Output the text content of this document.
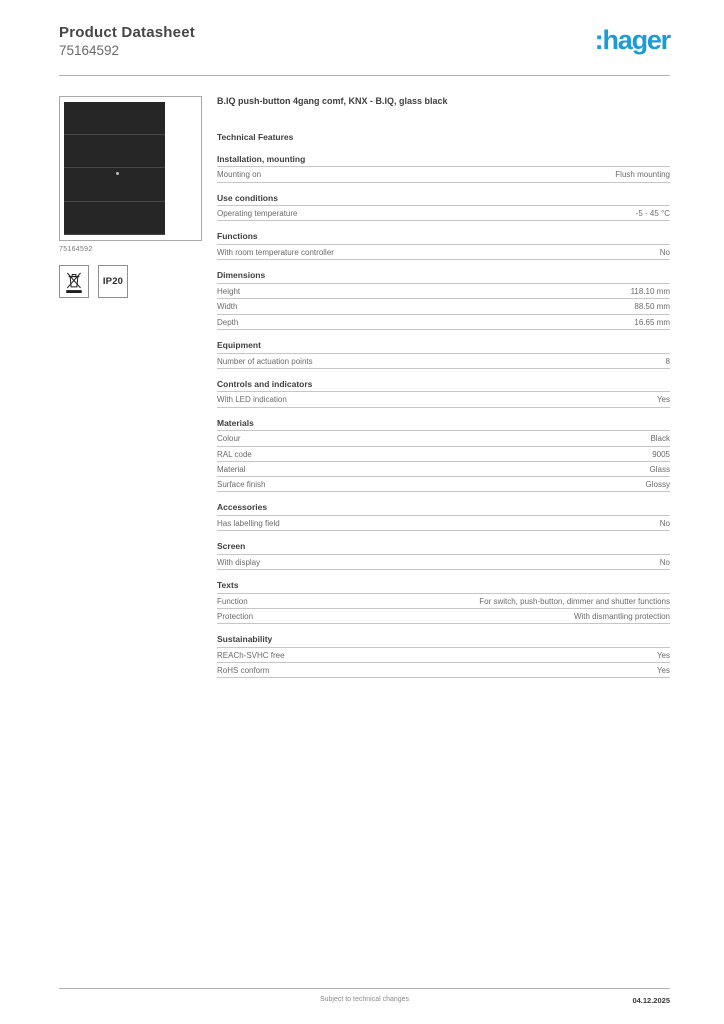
Product Datasheet
75164592	:hager
75164592
IP20
B.IQ push-button 4gang comf, KNX - B.IQ, glass black
Technical Features
Installation, mounting
Mounting on	Flush mounting
Use conditions
Operating temperature	-5 - 45 °C
Functions
With room temperature controller	No
Dimensions
Height	118.10 mm
Width	88.50 mm
Depth	16.65 mm
Equipment
Number of actuation points	8
Controls and indicators
With LED indication	Yes
Materials
Colour	Black
RAL code	9005
Material	Glass
Surface finish	Glossy
Accessories
Has labelling field	No
Screen
With display	No
Texts
Function	For switch, push-button, dimmer and shutter functions
Protection	With dismantling protection
Sustainability
REACh-SVHC free	Yes
RoHS conform	Yes
Subject to technical changes	04.12.2025
